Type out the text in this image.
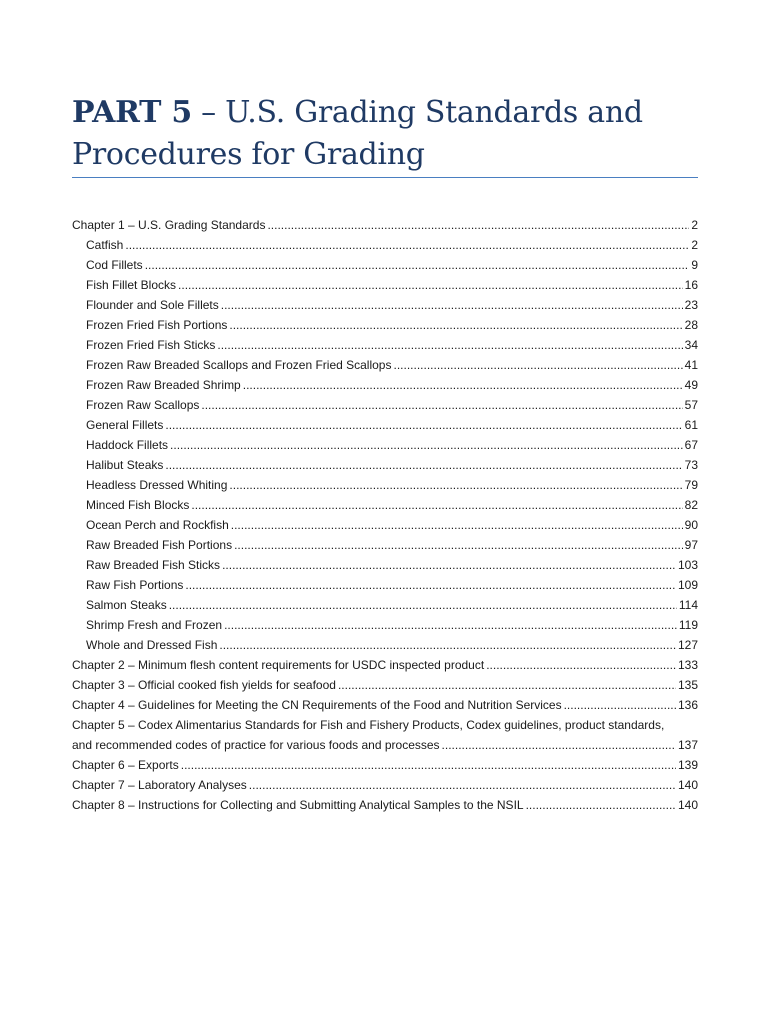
PART 5 – U.S. Grading Standards and
Procedures for Grading
Chapter 1 – U.S. Grading Standards .....	2
Catfish .....	2
Cod Fillets .....	9
Fish Fillet Blocks .....	16
Flounder and Sole Fillets .....	23
Frozen Fried Fish Portions .....	28
Frozen Fried Fish Sticks .....	34
Frozen Raw Breaded Scallops and Frozen Fried Scallops .....	41
Frozen Raw Breaded Shrimp .....	49
Frozen Raw Scallops .....	57
General Fillets .....	61
Haddock Fillets .....	67
Halibut Steaks .....	73
Headless Dressed Whiting .....	79
Minced Fish Blocks .....	82
Ocean Perch and Rockfish .....	90
Raw Breaded Fish Portions .....	97
Raw Breaded Fish Sticks .....	103
Raw Fish Portions .....	109
Salmon Steaks .....	114
Shrimp Fresh and Frozen .....	119
Whole and Dressed Fish .....	127
Chapter 2 – Minimum flesh content requirements for USDC inspected product .....	133
Chapter 3 – Official cooked fish yields for seafood .....	135
Chapter 4 – Guidelines for Meeting the CN Requirements of the Food and Nutrition Services .....	136
Chapter 5 – Codex Alimentarius Standards for Fish and Fishery Products, Codex guidelines, product standards,
and recommended codes of practice for various foods and processes .....	137
Chapter 6 – Exports .....	139
Chapter 7 – Laboratory Analyses .....	140
Chapter 8 – Instructions for Collecting and Submitting Analytical Samples to the NSIL .....	140
